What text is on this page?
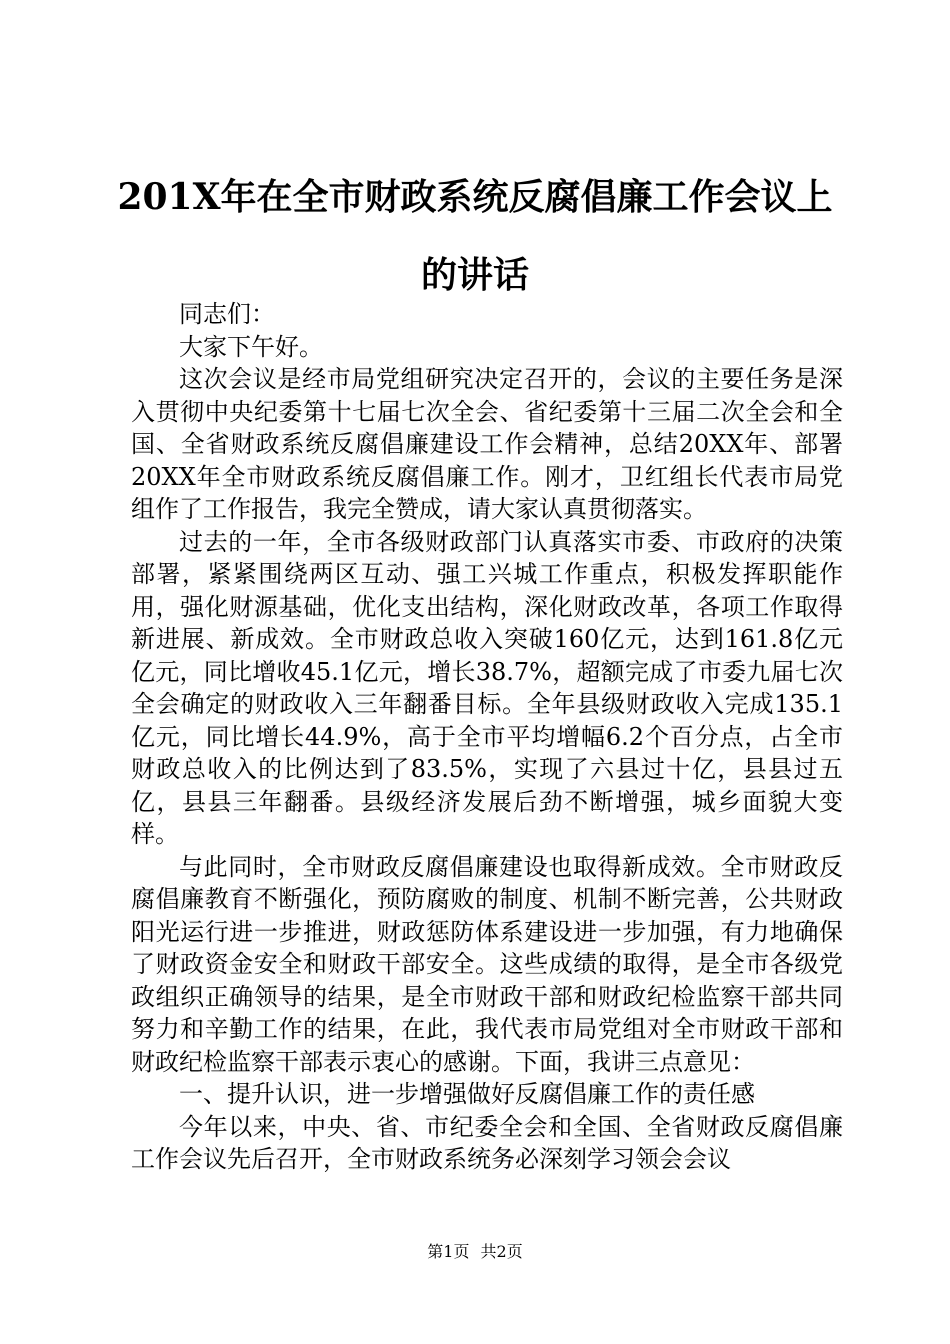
201X年在全市财政系统反腐倡廉工作会议上
的讲话

同志们：

大家下午好。

这次会议是经市局党组研究决定召开的，会议的主要任务是深入贯彻中央纪委第十七届七次全会、省纪委第十三届二次全会和全国、全省财政系统反腐倡廉建设工作会精神，总结20XX年、部署20XX年全市财政系统反腐倡廉工作。刚才，卫红组长代表市局党组作了工作报告，我完全赞成，请大家认真贯彻落实。

过去的一年，全市各级财政部门认真落实市委、市政府的决策部署，紧紧围绕两区互动、强工兴城工作重点，积极发挥职能作用，强化财源基础，优化支出结构，深化财政改革，各项工作取得新进展、新成效。全市财政总收入突破160亿元，达到161.8亿元亿元，同比增收45.1亿元，增长38.7%，超额完成了市委九届七次全会确定的财政收入三年翻番目标。全年县级财政收入完成135.1亿元，同比增长44.9%，高于全市平均增幅6.2个百分点，占全市财政总收入的比例达到了83.5%，实现了六县过十亿，县县过五亿，县县三年翻番。县级经济发展后劲不断增强，城乡面貌大变样。

与此同时，全市财政反腐倡廉建设也取得新成效。全市财政反腐倡廉教育不断强化，预防腐败的制度、机制不断完善，公共财政阳光运行进一步推进，财政惩防体系建设进一步加强，有力地确保了财政资金安全和财政干部安全。这些成绩的取得，是全市各级党政组织正确领导的结果，是全市财政干部和财政纪检监察干部共同努力和辛勤工作的结果，在此，我代表市局党组对全市财政干部和财政纪检监察干部表示衷心的感谢。下面，我讲三点意见：

一、提升认识，进一步增强做好反腐倡廉工作的责任感

今年以来，中央、省、市纪委全会和全国、全省财政反腐倡廉工作会议先后召开，全市财政系统务必深刻学习领会会议

第1页 共2页
